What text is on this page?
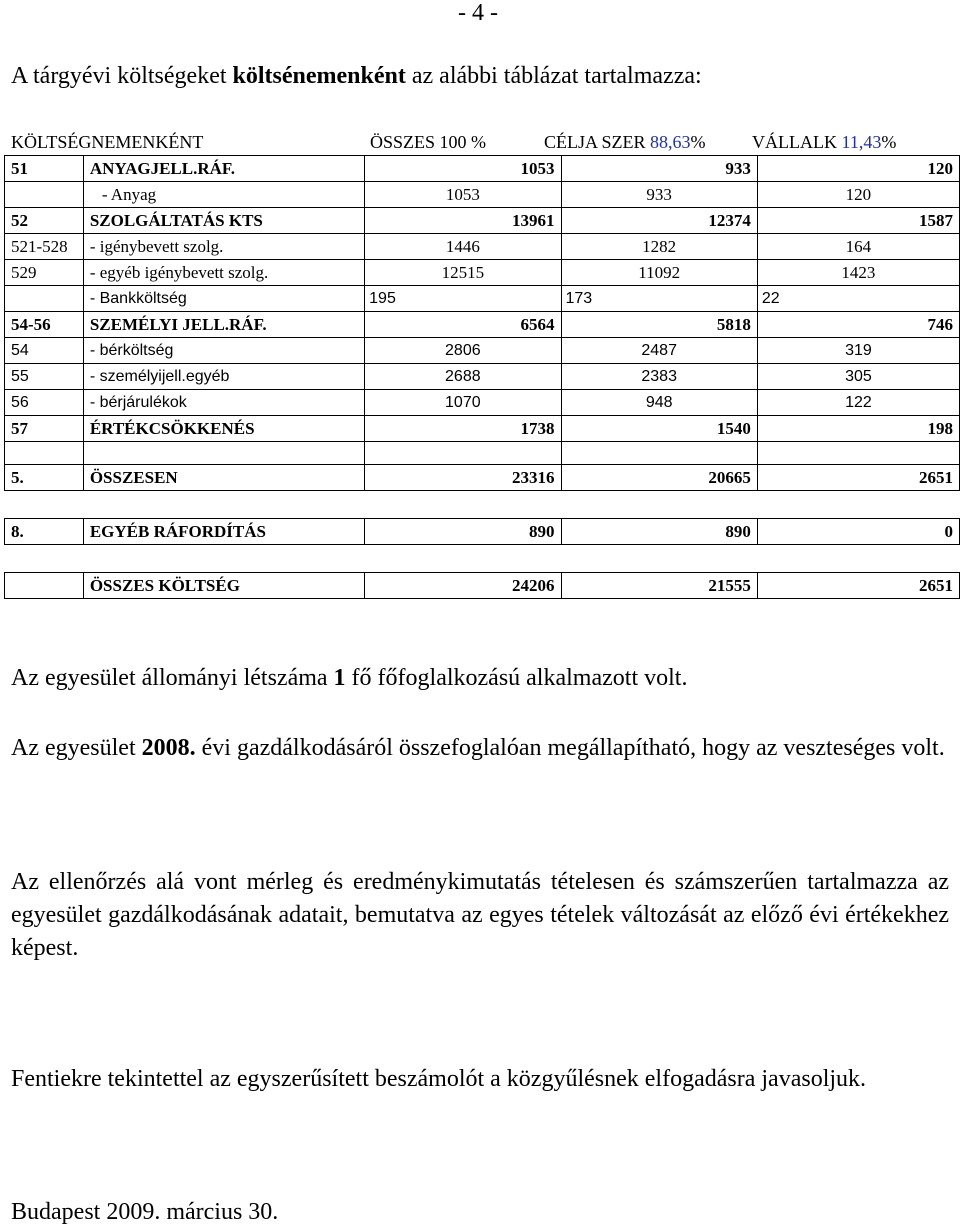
- 4 -
A tárgyévi költségeket költsénemenként az alábbi táblázat tartalmazza:
KÖLTSÉGNEMENKÉNT	ÖSSZES 100 %	CÉLJA SZER 88,63%	VÁLLALK 11,43%
51	ANYAGJELL.RÁF.	1053	933	120
	- Anyag	1053	933	120
52	SZOLGÁLTATÁS KTS	13961	12374	1587
521-528	- igénybevett szolg.	1446	1282	164
529	- egyéb igénybevett szolg.	12515	11092	1423
	- Bankköltség	195	173	22
54-56	SZEMÉLYI JELL.RÁF.	6564	5818	746
54	- bérköltség	2806	2487	319
55	- személyijell.egyéb	2688	2383	305
56	- bérjárulékok	1070	948	122
57	ÉRTÉKCSÖKKENÉS	1738	1540	198

5.	ÖSSZESEN	23316	20665	2651

8.	EGYÉB RÁFORDÍTÁS	890	890	0

	ÖSSZES KÖLTSÉG	24206	21555	2651

Az egyesület állományi létszáma 1 fő főfoglalkozású alkalmazott volt.

Az egyesület 2008. évi gazdálkodásáról összefoglalóan megállapítható, hogy az veszteséges volt.

Az ellenőrzés alá vont mérleg és eredménykimutatás tételesen és számszerűen tartalmazza az egyesület gazdálkodásának adatait, bemutatva az egyes tételek változását az előző évi értékekhez képest.

Fentiekre tekintettel az egyszerűsített beszámolót a közgyűlésnek elfogadásra javasoljuk.

Budapest 2009. március 30.
